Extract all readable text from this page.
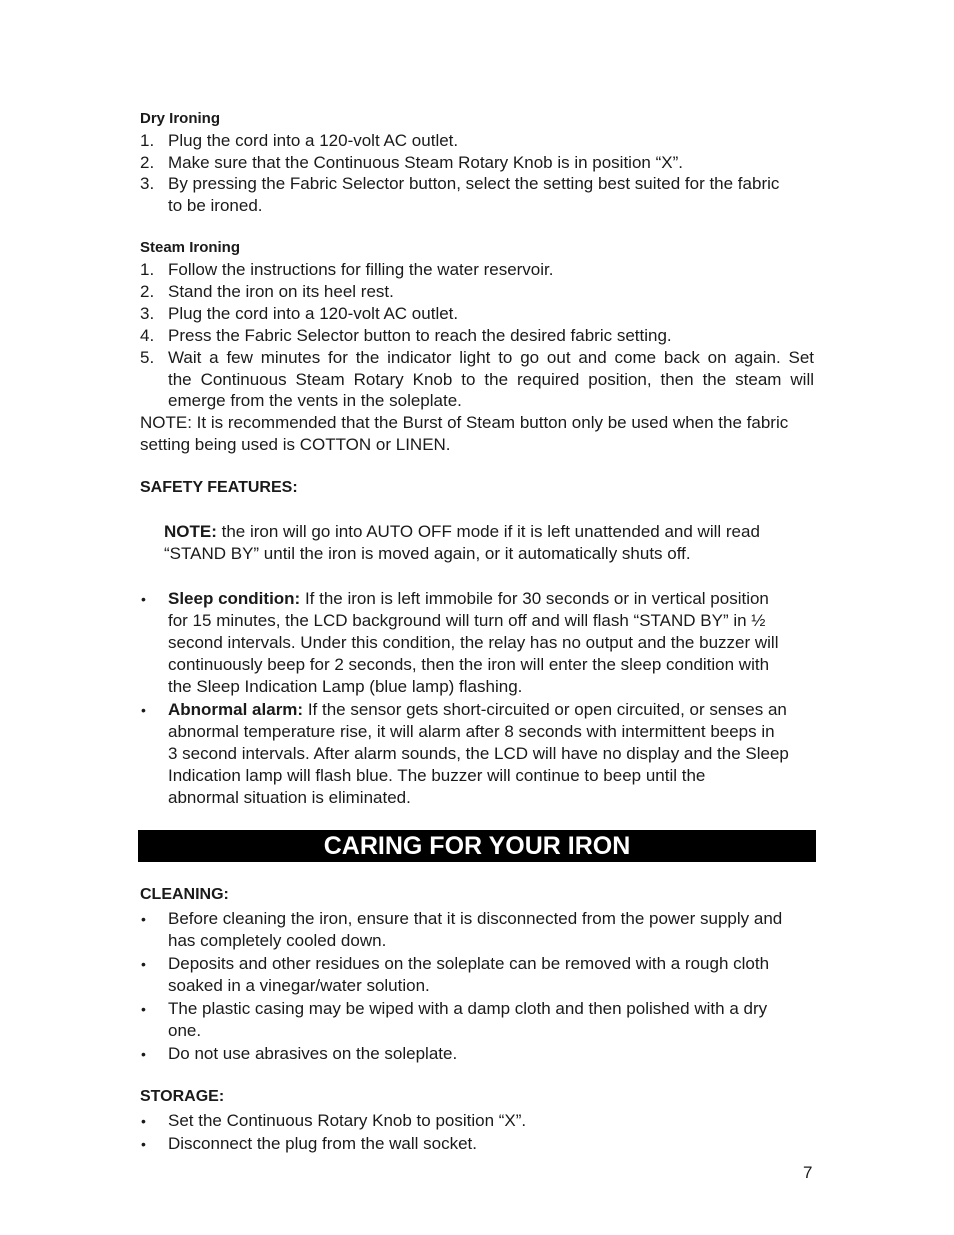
Dry Ironing
1. Plug the cord into a 120-volt AC outlet.
2. Make sure that the Continuous Steam Rotary Knob is in position “X”.
3. By pressing the Fabric Selector button, select the setting best suited for the fabric
to be ironed.
Steam Ironing
1. Follow the instructions for filling the water reservoir.
2. Stand the iron on its heel rest.
3. Plug the cord into a 120-volt AC outlet.
4. Press the Fabric Selector button to reach the desired fabric setting.
5. Wait a few minutes for the indicator light to go out and come back on again. Set
the Continuous Steam Rotary Knob to the required position, then the steam will
emerge from the vents in the soleplate.
NOTE: It is recommended that the Burst of Steam button only be used when the fabric
setting being used is COTTON or LINEN.
SAFETY FEATURES:
NOTE: the iron will go into AUTO OFF mode if it is left unattended and will read
“STAND BY” until the iron is moved again, or it automatically shuts off.
• Sleep condition: If the iron is left immobile for 30 seconds or in vertical position
for 15 minutes, the LCD background will turn off and will flash “STAND BY” in ½
second intervals. Under this condition, the relay has no output and the buzzer will
continuously beep for 2 seconds, then the iron will enter the sleep condition with
the Sleep Indication Lamp (blue lamp) flashing.
• Abnormal alarm: If the sensor gets short-circuited or open circuited, or senses an
abnormal temperature rise, it will alarm after 8 seconds with intermittent beeps in
3 second intervals. After alarm sounds, the LCD will have no display and the Sleep
Indication lamp will flash blue. The buzzer will continue to beep until the
abnormal situation is eliminated.
CARING FOR YOUR IRON
CLEANING:
• Before cleaning the iron, ensure that it is disconnected from the power supply and
has completely cooled down.
• Deposits and other residues on the soleplate can be removed with a rough cloth
soaked in a vinegar/water solution.
• The plastic casing may be wiped with a damp cloth and then polished with a dry
one.
• Do not use abrasives on the soleplate.
STORAGE:
• Set the Continuous Rotary Knob to position “X”.
• Disconnect the plug from the wall socket.
7
